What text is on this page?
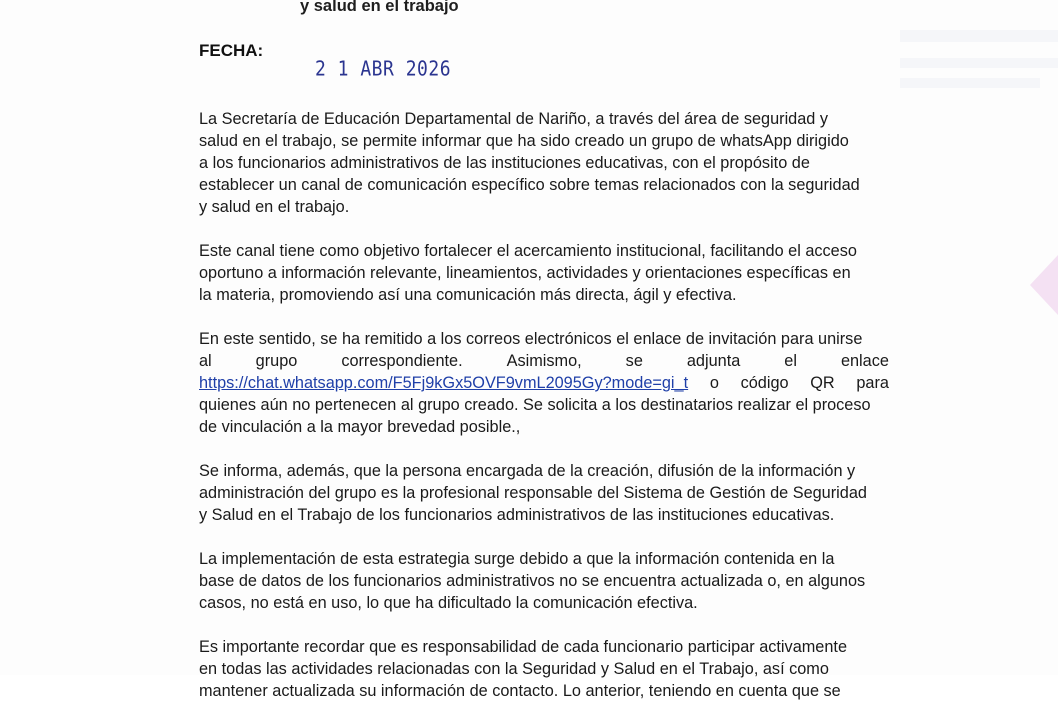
y salud en el trabajo
FECHA:
2 1 ABR 2026

La Secretaría de Educación Departamental de Nariño, a través del área de seguridad y
salud en el trabajo, se permite informar que ha sido creado un grupo de whatsApp dirigido
a los funcionarios administrativos de las instituciones educativas, con el propósito de
establecer un canal de comunicación específico sobre temas relacionados con la seguridad
y salud en el trabajo.

Este canal tiene como objetivo fortalecer el acercamiento institucional, facilitando el acceso
oportuno a información relevante, lineamientos, actividades y orientaciones específicas en
la materia, promoviendo así una comunicación más directa, ágil y efectiva.

En este sentido, se ha remitido a los correos electrónicos el enlace de invitación para unirse
al	grupo	correspondiente.	Asimismo,	se	adjunta	el	enlace
https://chat.whatsapp.com/F5Fj9kGx5OVF9vmL2095Gy?mode=gi_t o código QR para
quienes aún no pertenecen al grupo creado. Se solicita a los destinatarios realizar el proceso
de vinculación a la mayor brevedad posible.,

Se informa, además, que la persona encargada de la creación, difusión de la información y
administración del grupo es la profesional responsable del Sistema de Gestión de Seguridad
y Salud en el Trabajo de los funcionarios administrativos de las instituciones educativas.

La implementación de esta estrategia surge debido a que la información contenida en la
base de datos de los funcionarios administrativos no se encuentra actualizada o, en algunos
casos, no está en uso, lo que ha dificultado la comunicación efectiva.

Es importante recordar que es responsabilidad de cada funcionario participar activamente
en todas las actividades relacionadas con la Seguridad y Salud en el Trabajo, así como
mantener actualizada su información de contacto. Lo anterior, teniendo en cuenta que se
